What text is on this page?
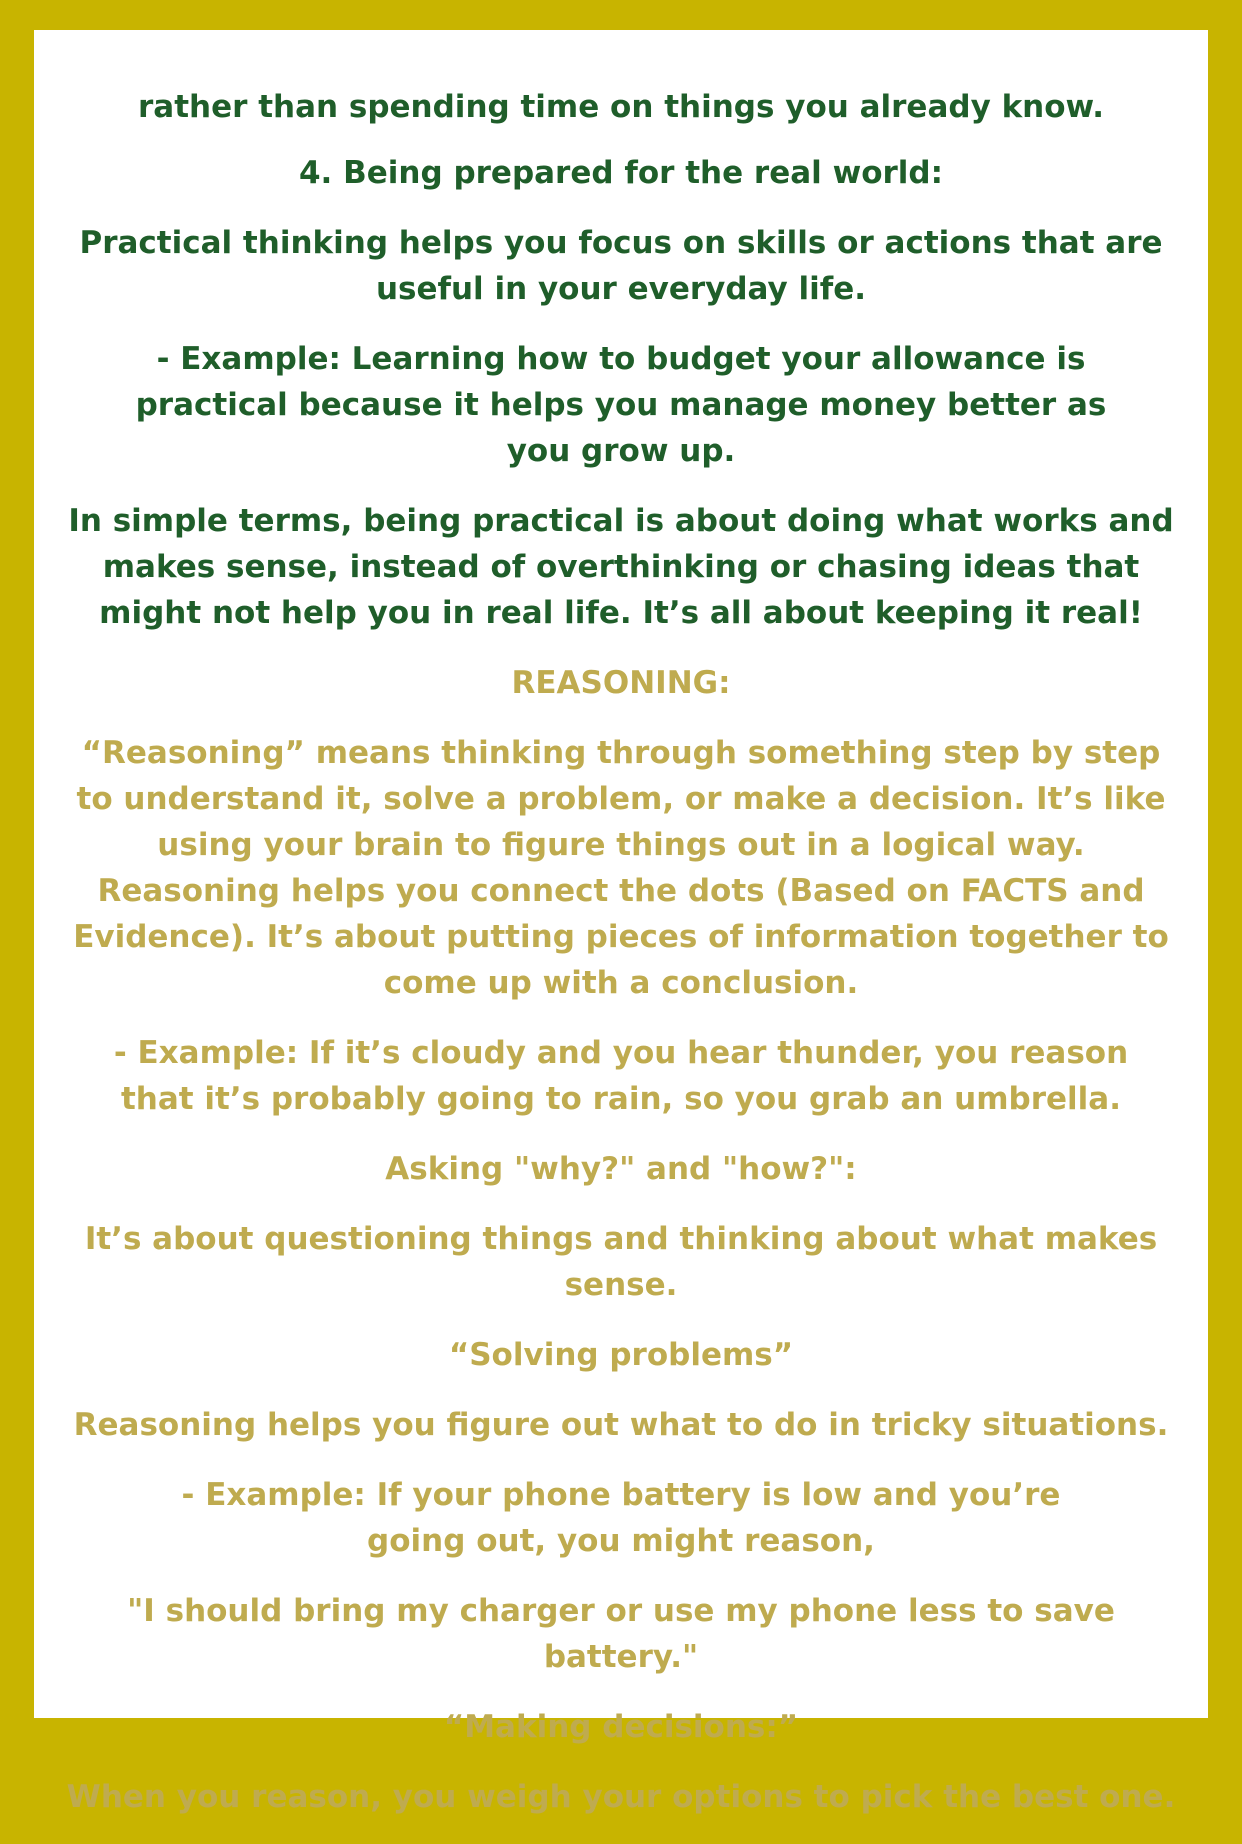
rather than spending time on things you already know.

4. Being prepared for the real world:

Practical thinking helps you focus on skills or actions that are useful in your everyday life.

- Example: Learning how to budget your allowance is practical because it helps you manage money better as you grow up.

In simple terms, being practical is about doing what works and makes sense, instead of overthinking or chasing ideas that might not help you in real life. It’s all about keeping it real!

REASONING:

“Reasoning” means thinking through something step by step to understand it, solve a problem, or make a decision. It’s like using your brain to figure things out in a logical way. Reasoning helps you connect the dots (Based on FACTS and Evidence). It’s about putting pieces of information together to come up with a conclusion.

- Example: If it’s cloudy and you hear thunder, you reason that it’s probably going to rain, so you grab an umbrella.

Asking "why?" and "how?":

It’s about questioning things and thinking about what makes sense.

“Solving problems”

Reasoning helps you figure out what to do in tricky situations.

- Example: If your phone battery is low and you’re going out, you might reason,

"I should bring my charger or use my phone less to save battery."

“Making decisions:”

When you reason, you weigh your options to pick the best one.
